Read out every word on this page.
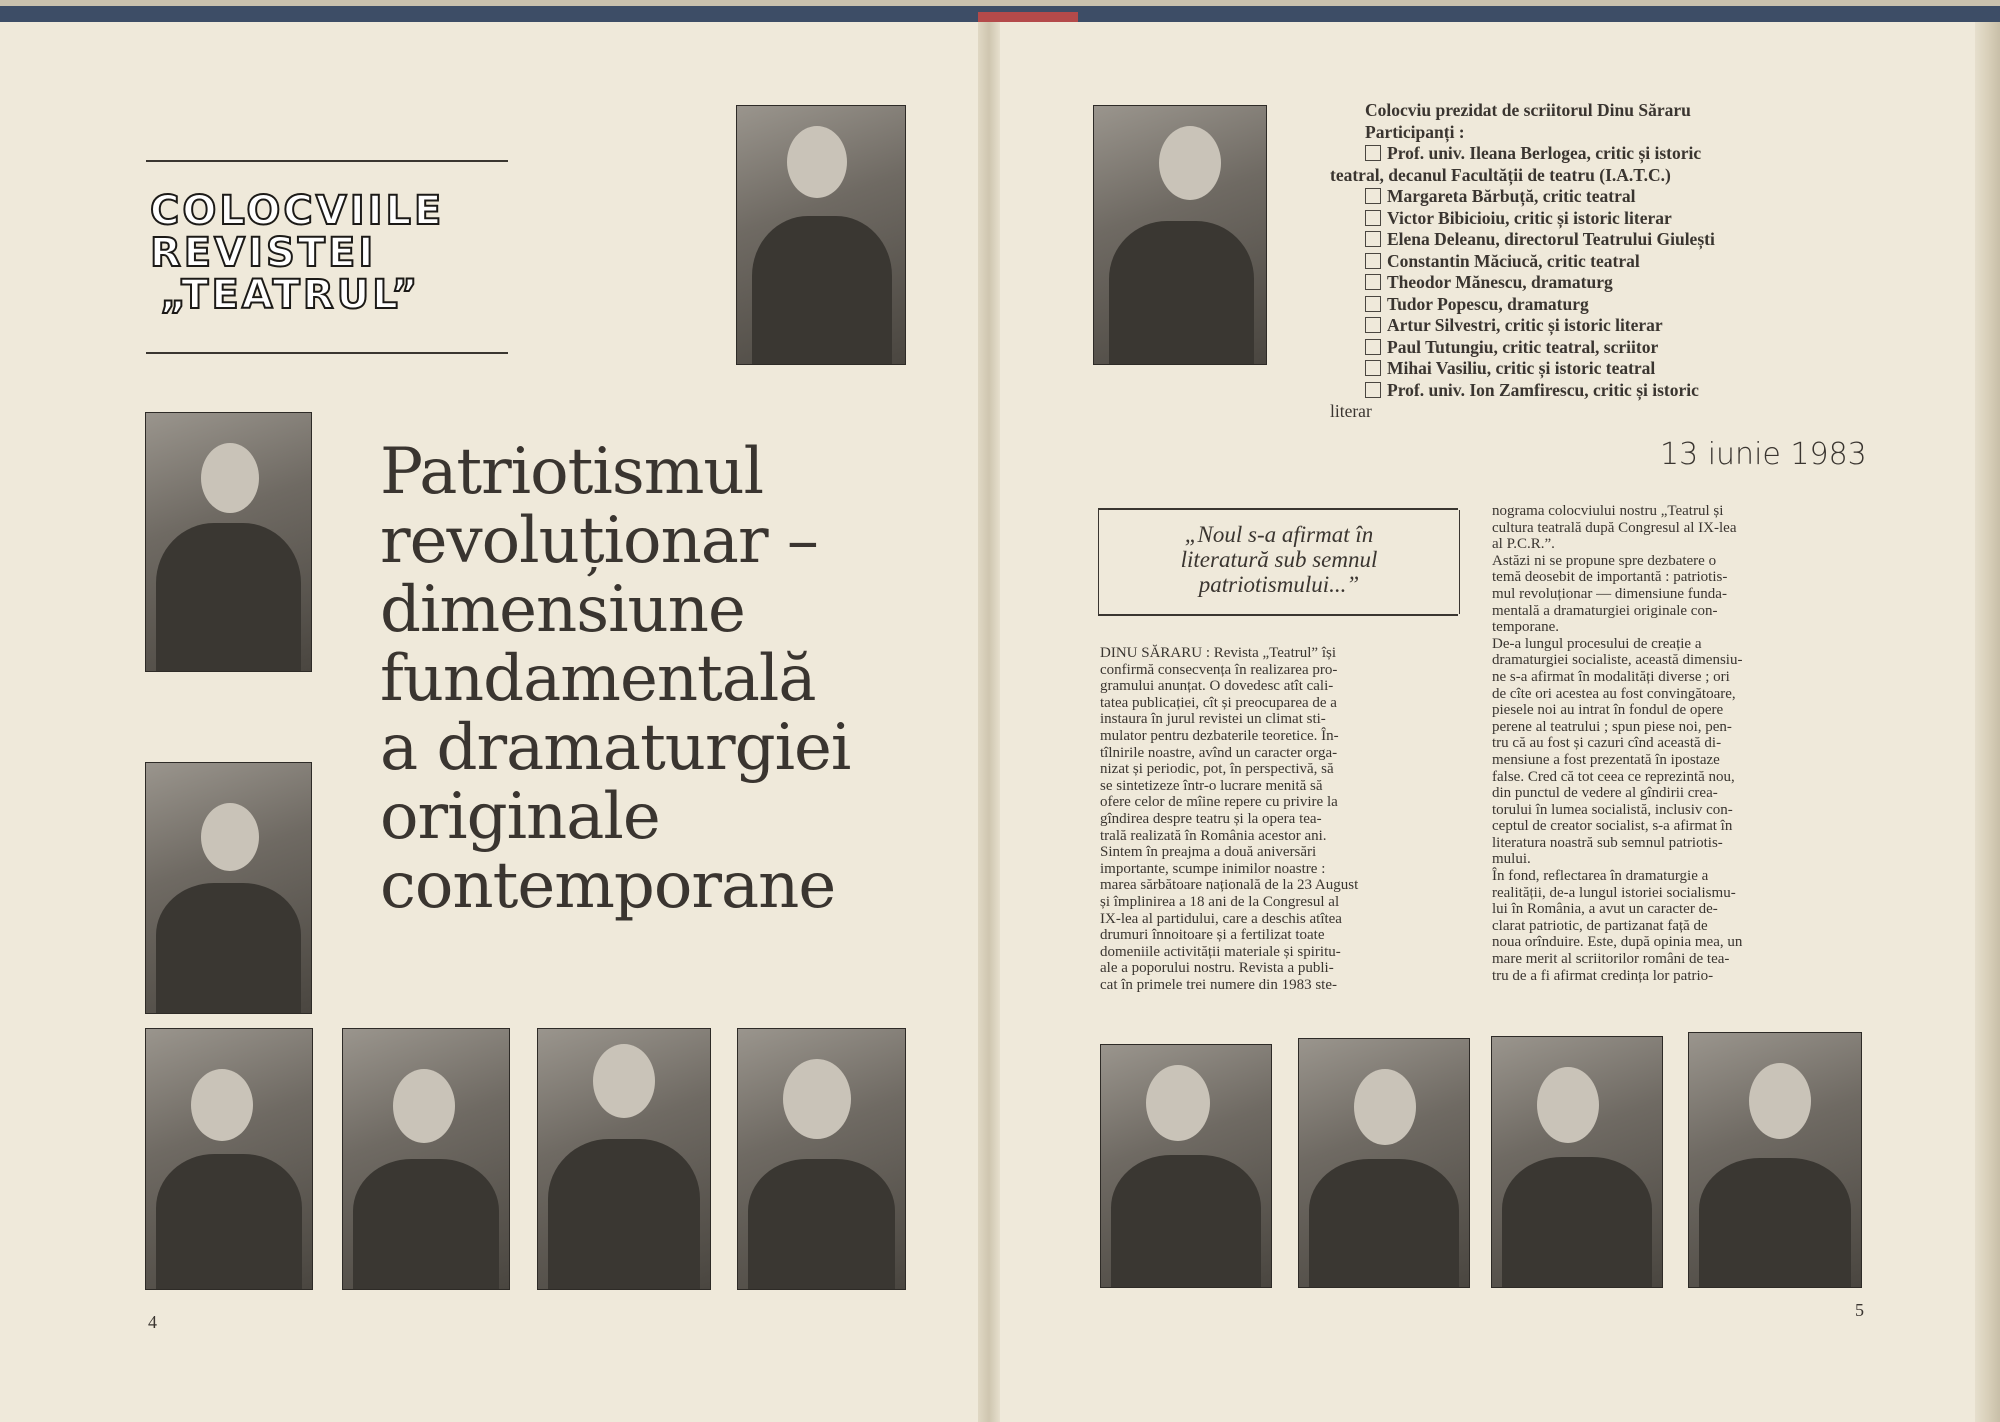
COLOCVIILE
REVISTEI
„TEATRUL”
Patriotismul
revoluționar –
dimensiune
fundamentală
a dramaturgiei
originale
contemporane
4
Colocviu prezidat de scriitorul Dinu Săraru
Participanți :
Prof. univ. Ileana Berlogea, critic și istoric
teatral, decanul Facultății de teatru (I.A.T.C.)
Margareta Bărbuță, critic teatral
Victor Bibicioiu, critic și istoric literar
Elena Deleanu, directorul Teatrului Giulești
Constantin Măciucă, critic teatral
Theodor Mănescu, dramaturg
Tudor Popescu, dramaturg
Artur Silvestri, critic și istoric literar
Paul Tutungiu, critic teatral, scriitor
Mihai Vasiliu, critic și istoric teatral
Prof. univ. Ion Zamfirescu, critic și istoric
literar
13 iunie 1983
„Noul s-a afirmat în
literatură sub semnul
patriotismului...”

DINU SĂRARU : Revista „Teatrul” își

confirmă consecvența în realizarea pro-

gramului anunțat. O dovedesc atît cali-

tatea publicației, cît și preocuparea de a

instaura în jurul revistei un climat sti-

mulator pentru dezbaterile teoretice. În-

tîlnirile noastre, avînd un caracter orga-

nizat și periodic, pot, în perspectivă, să

se sintetizeze într-o lucrare menită să

ofere celor de mîine repere cu privire la

gîndirea despre teatru și la opera tea-

trală realizată în România acestor ani.

Sintem în preajma a două aniversări

importante, scumpe inimilor noastre :

marea sărbătoare națională de la 23 August

și împlinirea a 18 ani de la Congresul al

IX-lea al partidului, care a deschis atîtea

drumuri înnoitoare și a fertilizat toate

domeniile activității materiale și spiritu-

ale a poporului nostru. Revista a publi-

cat în primele trei numere din 1983 ste-

nograma colocviului nostru „Teatrul și

cultura teatrală după Congresul al IX-lea

al P.C.R.”.

Astăzi ni se propune spre dezbatere o

temă deosebit de importantă : patriotis-

mul revoluționar — dimensiune funda-

mentală a dramaturgiei originale con-

temporane.

De-a lungul procesului de creație a

dramaturgiei socialiste, această dimensiu-

ne s-a afirmat în modalități diverse ; ori

de cîte ori acestea au fost convingătoare,

piesele noi au intrat în fondul de opere

perene al teatrului ; spun piese noi, pen-

tru că au fost și cazuri cînd această di-

mensiune a fost prezentată în ipostaze

false. Cred că tot ceea ce reprezintă nou,

din punctul de vedere al gîndirii crea-

torului în lumea socialistă, inclusiv con-

ceptul de creator socialist, s-a afirmat în

literatura noastră sub semnul patriotis-

mului.

În fond, reflectarea în dramaturgie a

realității, de-a lungul istoriei socialismu-

lui în România, a avut un caracter de-

clarat patriotic, de partizanat față de

noua orînduire. Este, după opinia mea, un

mare merit al scriitorilor români de tea-

tru de a fi afirmat credința lor patrio-

5
